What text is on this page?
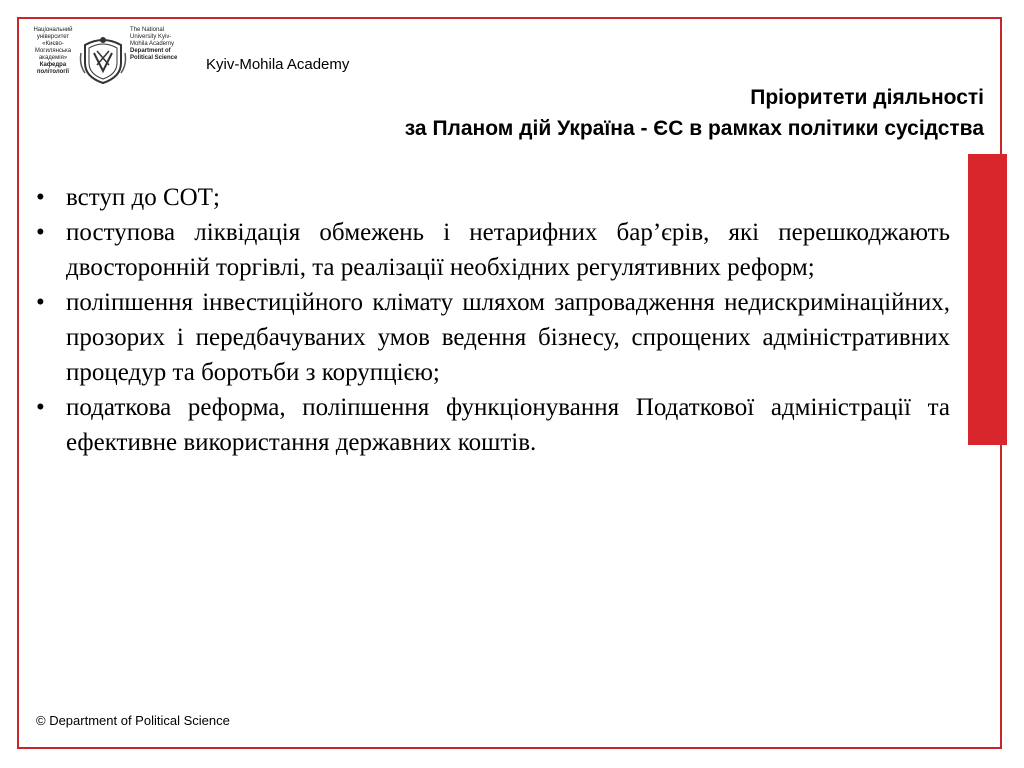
Національний університет «Києво-Могилянська академія»
Кафедра політології
The National University Kyiv-Mohila Academy
Department of Political Science	Kyiv-Mohila Academy
Пріоритети діяльності
за Планом дій Україна - ЄС в рамках політики сусідства
• вступ до СОТ;
• поступова ліквідація обмежень і нетарифних бар’єрів, які перешкоджають двосторонній торгівлі, та реалізації необхідних регулятивних реформ;
• поліпшення інвестиційного клімату шляхом запровадження недискримінаційних, прозорих і передбачуваних умов ведення бізнесу, спрощених адміністративних процедур та боротьби з корупцією;
• податкова реформа, поліпшення функціонування Податкової адміністрації та ефективне використання державних коштів.
© Department of Political Science
